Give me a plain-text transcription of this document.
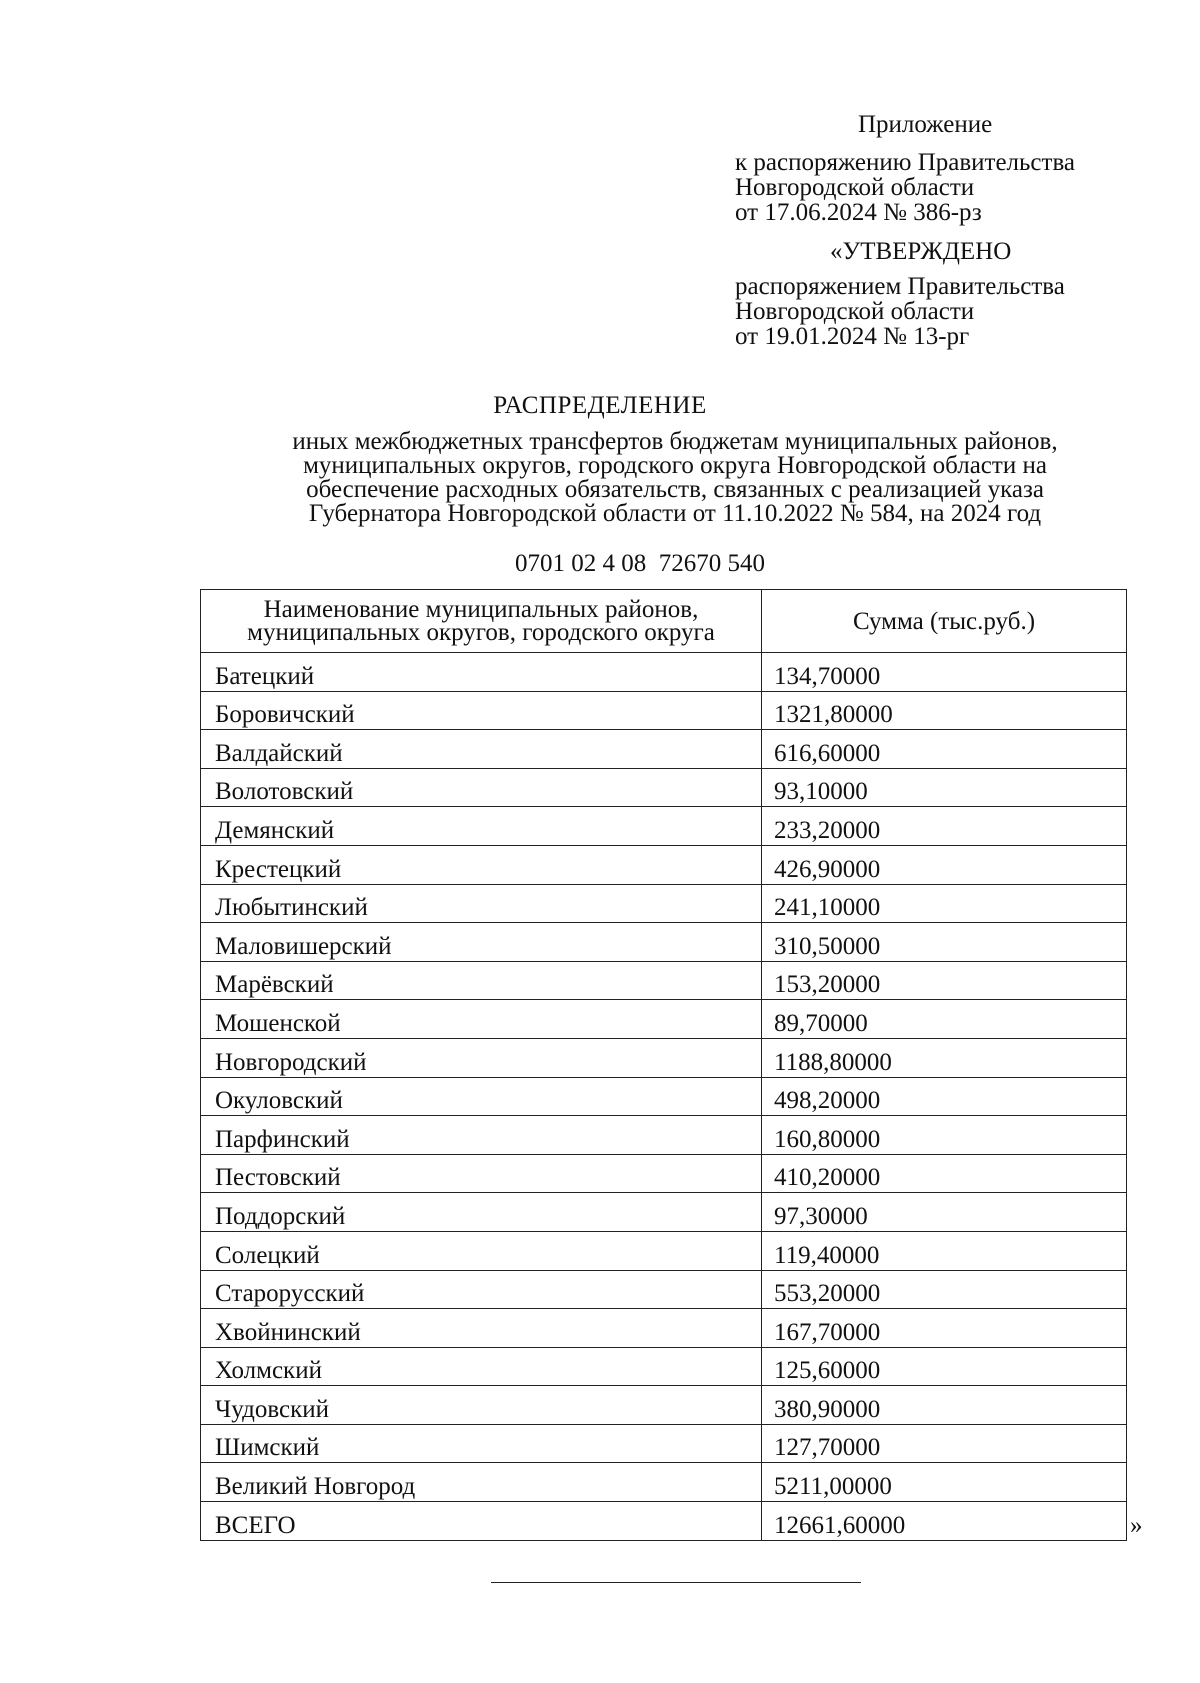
Приложение
к распоряжению Правительства
Новгородской области
от 17.06.2024 № 386-рз
«УТВЕРЖДЕНО
распоряжением Правительства
Новгородской области
от 19.01.2024 № 13-рг
РАСПРЕДЕЛЕНИЕ
иных межбюджетных трансфертов бюджетам муниципальных районов,
муниципальных округов, городского округа Новгородской области на
обеспечение расходных обязательств, связанных с реализацией указа
Губернатора Новгородской области от 11.10.2022 № 584, на 2024 год
0701 02 4 08  72670 540
Наименование муниципальных районов,
муниципальных округов, городского округа	Сумма (тыс.руб.)
Батецкий	134,70000
Боровичский	1321,80000
Валдайский	616,60000
Волотовский	93,10000
Демянский	233,20000
Крестецкий	426,90000
Любытинский	241,10000
Маловишерский	310,50000
Марёвский	153,20000
Мошенской	89,70000
Новгородский	1188,80000
Окуловский	498,20000
Парфинский	160,80000
Пестовский	410,20000
Поддорский	97,30000
Солецкий	119,40000
Старорусский	553,20000
Хвойнинский	167,70000
Холмский	125,60000
Чудовский	380,90000
Шимский	127,70000
Великий Новгород	5211,00000
ВСЕГО	12661,60000	»
